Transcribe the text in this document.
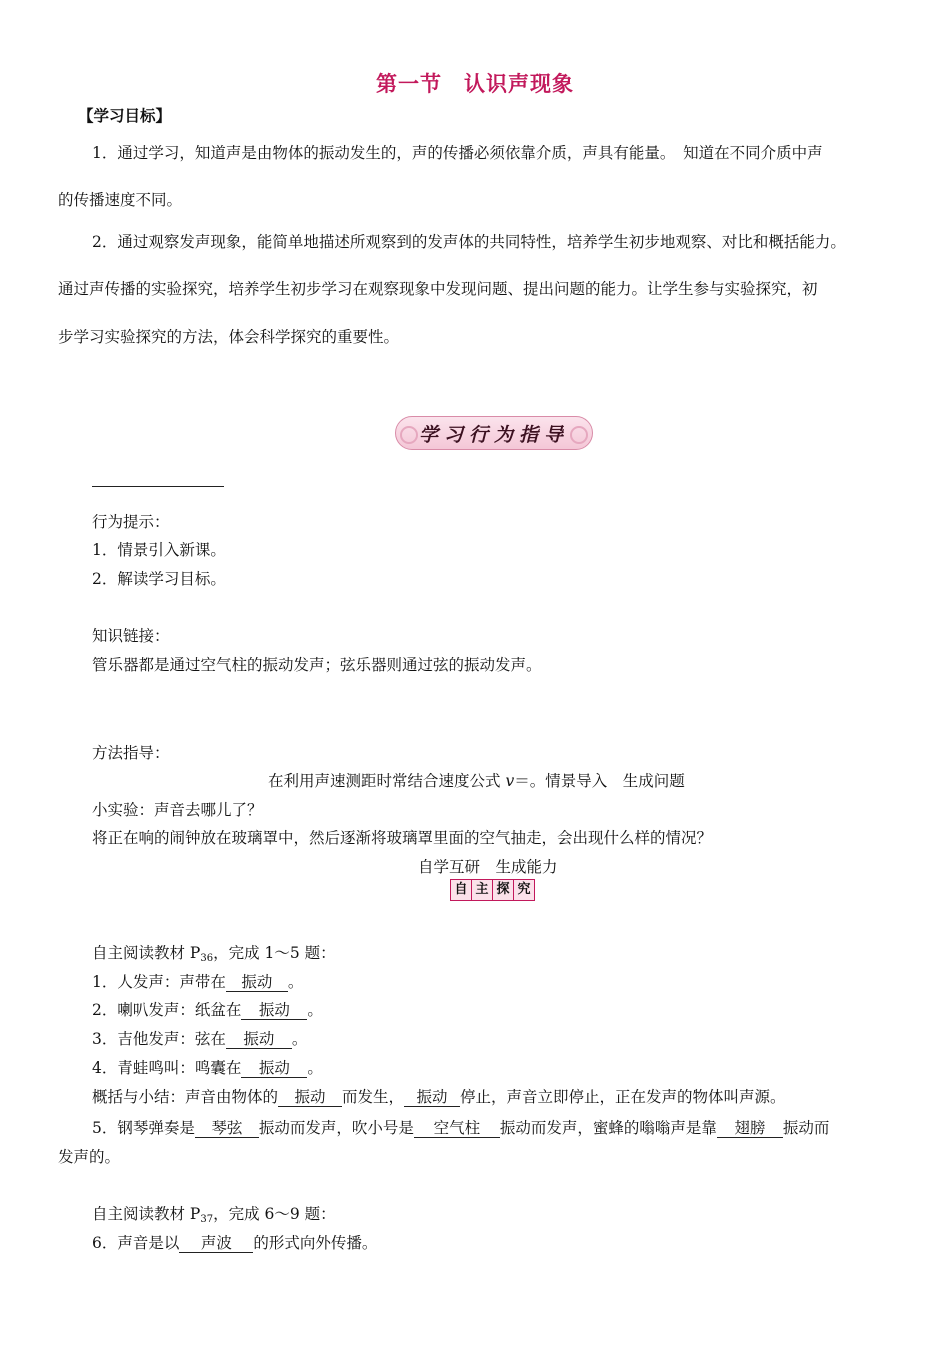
第一节　认识声现象
【学习目标】
1．通过学习，知道声是由物体的振动发生的，声的传播必须依靠介质，声具有能量。　知道在不同介质中声
的传播速度不同。
2．通过观察发声现象，能简单地描述所观察到的发声体的共同特性，培养学生初步地观察、对比和概括能力。
通过声传播的实验探究，培养学生初步学习在观察现象中发现问题、提出问题的能力。让学生参与实验探究，初
步学习实验探究的方法，体会科学探究的重要性。
学习行为指导
行为提示：
1．情景引入新课。
2．解读学习目标。
知识链接：
管乐器都是通过空气柱的振动发声；弦乐器则通过弦的振动发声。
方法指导：
在利用声速测距时常结合速度公式 v＝。情景导入　生成问题
小实验：声音去哪儿了？
将正在响的闹钟放在玻璃罩中，然后逐渐将玻璃罩里面的空气抽走，会出现什么样的情况？
自学互研　生成能力
自 主 探 究
自主阅读教材 $P_{36}$，完成 1～5 题：
1．人发声：声带在 振动 。
2．喇叭发声：纸盆在 振动 。
3．吉他发声：弦在 振动 。
4．青蛙鸣叫：鸣囊在 振动 。
概括与小结：声音由物体的 振动 而发生， 振动 停止，声音立即停止，正在发声的物体叫声源。
5．钢琴弹奏是 琴弦 振动而发声，吹小号是 空气柱 振动而发声，蜜蜂的嗡嗡声是靠 翅膀 振动而
发声的。
自主阅读教材 $P_{37}$，完成 6～9 题：
6．声音是以 声波 的形式向外传播。
